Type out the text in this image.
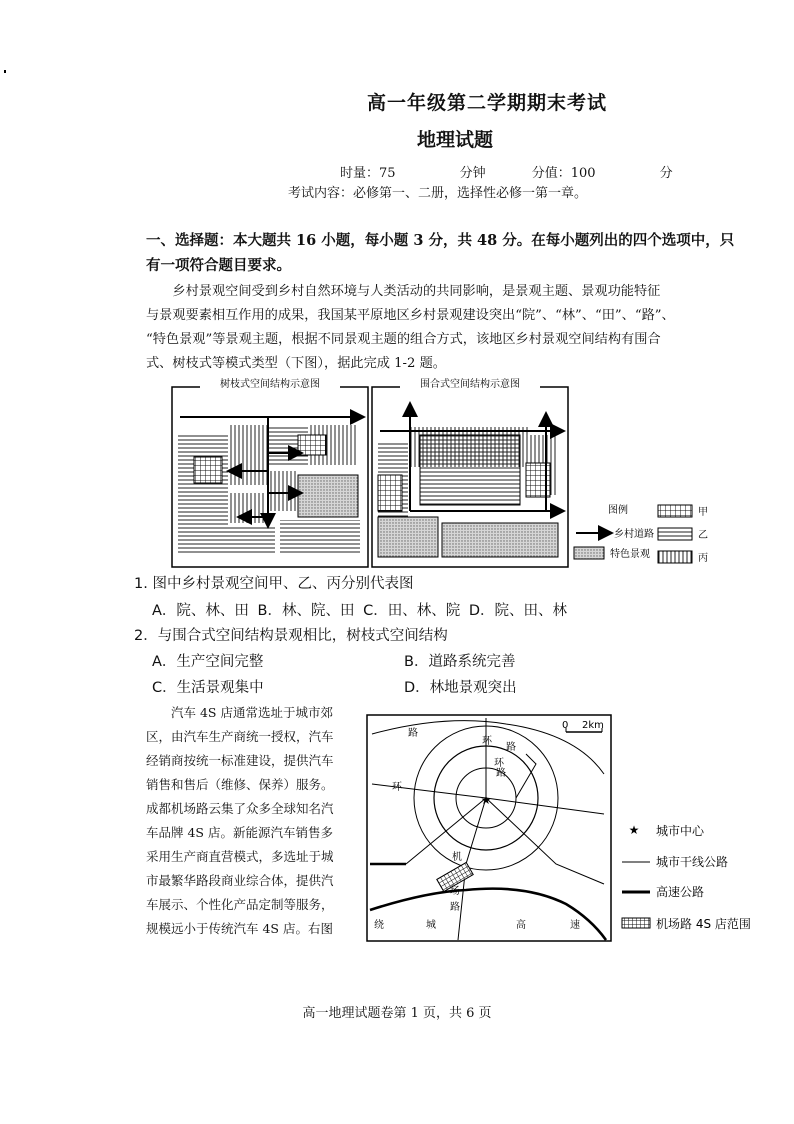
高一年级第二学期期末考试
地理试题
时量：75 分钟	分值：100 分
考试内容：必修第一、二册，选择性必修一第一章。
一、选择题：本大题共 16 小题，每小题 3 分，共 48 分。在每小题列出的四个选项中，只
有一项符合题目要求。
乡村景观空间受到乡村自然环境与人类活动的共同影响，是景观主题、景观功能特征
与景观要素相互作用的成果，我国某平原地区乡村景观建设突出“院”、“林”、“田”、“路”、
“特色景观”等景观主题，根据不同景观主题的组合方式，该地区乡村景观空间结构有围合
式、树枝式等模式类型（下图），据此完成 1-2 题。
树枝式空间结构示意图	围合式空间结构示意图
图例	甲
乡村道路	乙
特色景观	丙
1. 图中乡村景观空间甲、乙、丙分别代表图
A．院、林、田 B．林、院、田 C．田、林、院 D．院、田、林
2．与围合式空间结构景观相比，树枝式空间结构
A．生产空间完整	B．道路系统完善
C．生活景观集中	D．林地景观突出
汽车 4S 店通常选址于城市郊
区，由汽车生产商统一授权，汽车
经销商按统一标准建设，提供汽车
销售和售后（维修、保养）服务。
成都机场路云集了众多全球知名汽
车品牌 4S 店。新能源汽车销售多
采用生产商直营模式，多选址于城
市最繁华路段商业综合体，提供汽
车展示、个性化产品定制等服务，
规模远小于传统汽车 4S 店。右图
★
0 2km
路
环
路
环
环
路
机
场
路
绕	城	高	速
★ 城市中心
城市干线公路
高速公路
机场路 4S 店范围
高一地理试题卷第 1 页，共 6 页
